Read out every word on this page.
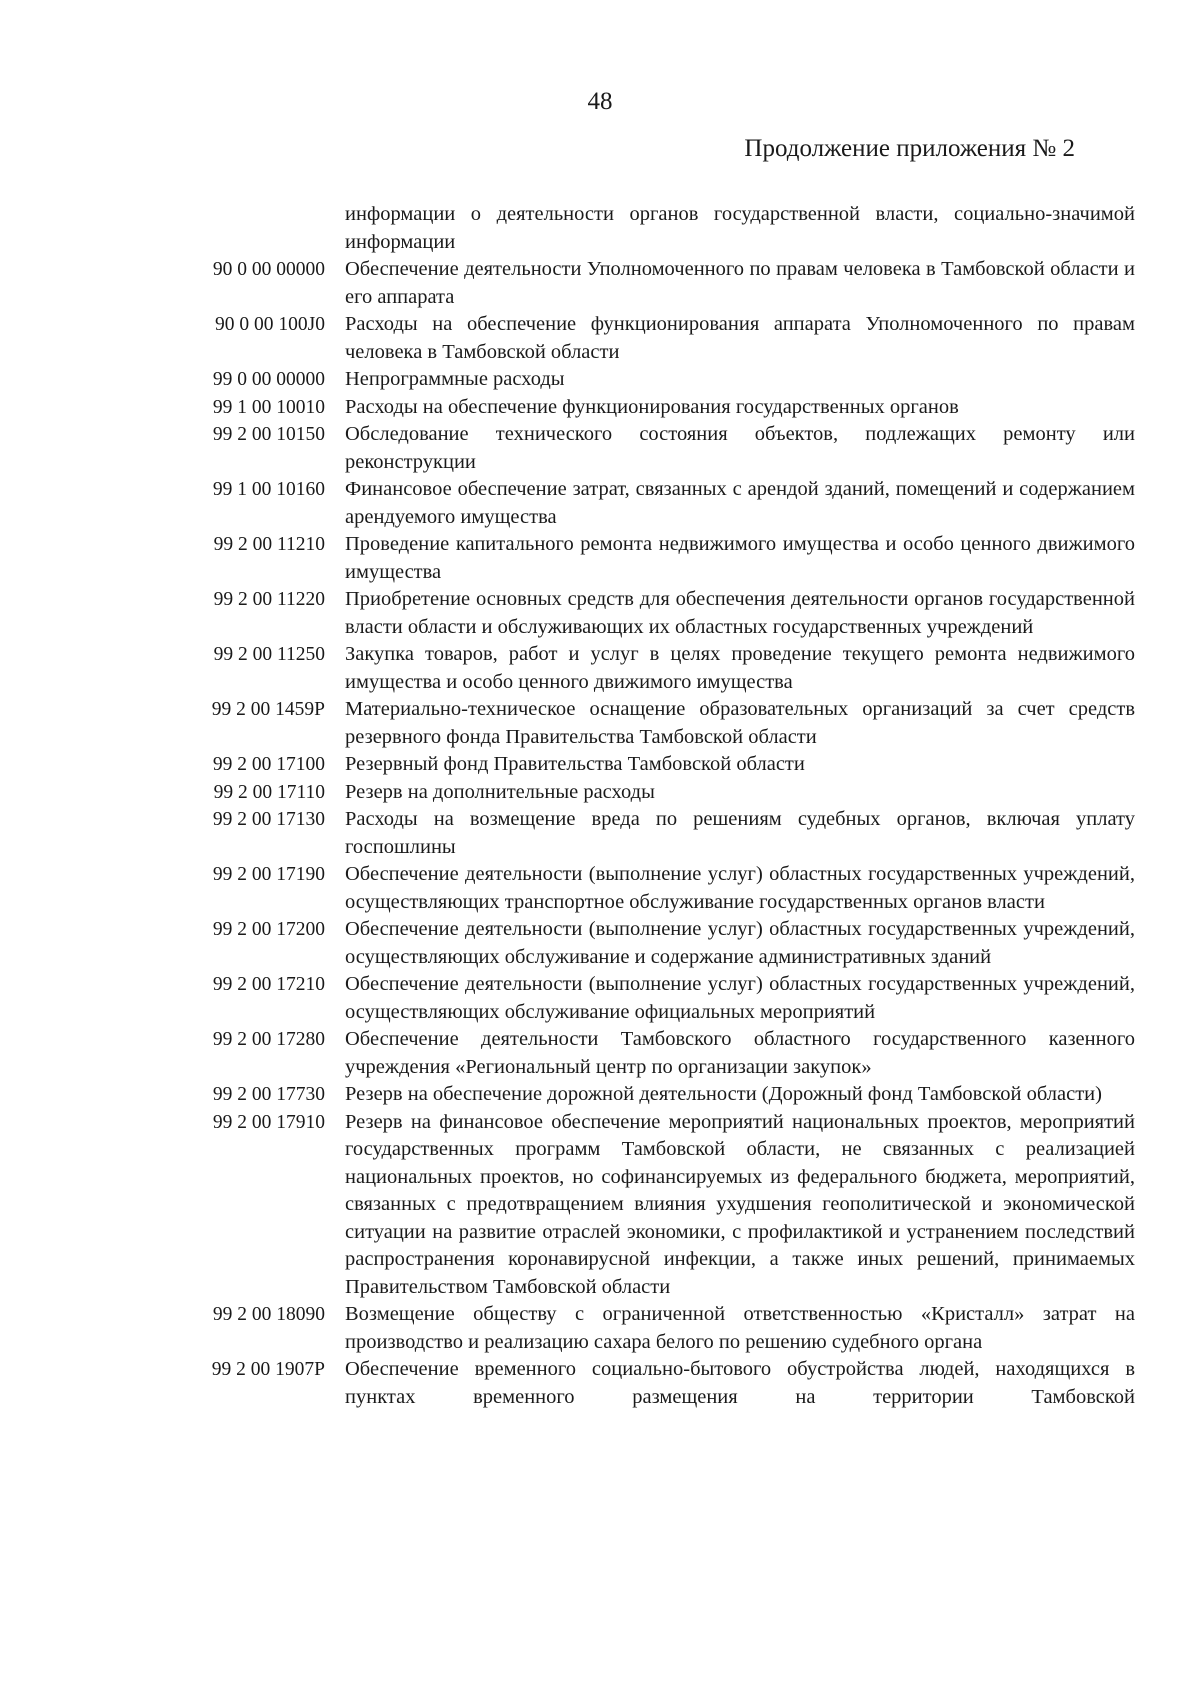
48
Продолжение приложения № 2
информации о деятельности органов государственной власти, социально-значимой информации
90 0 00 00000 Обеспечение деятельности Уполномоченного по правам человека в Тамбовской области и его аппарата
90 0 00 100J0 Расходы на обеспечение функционирования аппарата Уполномоченного по правам человека в Тамбовской области
99 0 00 00000 Непрограммные расходы
99 1 00 10010 Расходы на обеспечение функционирования государственных органов
99 2 00 10150 Обследование технического состояния объектов, подлежащих ремонту или реконструкции
99 1 00 10160 Финансовое обеспечение затрат, связанных с арендой зданий, помещений и содержанием арендуемого имущества
99 2 00 11210 Проведение капитального ремонта недвижимого имущества и особо ценного движимого имущества
99 2 00 11220 Приобретение основных средств для обеспечения деятельности органов государственной власти области и обслуживающих их областных государственных учреждений
99 2 00 11250 Закупка товаров, работ и услуг в целях проведение текущего ремонта недвижимого имущества и особо ценного движимого имущества
99 2 00 1459P Материально-техническое оснащение образовательных организаций за счет средств резервного фонда Правительства Тамбовской области
99 2 00 17100 Резервный фонд Правительства Тамбовской области
99 2 00 17110 Резерв на дополнительные расходы
99 2 00 17130 Расходы на возмещение вреда по решениям судебных органов, включая уплату госпошлины
99 2 00 17190 Обеспечение деятельности (выполнение услуг) областных государственных учреждений, осуществляющих транспортное обслуживание государственных органов власти
99 2 00 17200 Обеспечение деятельности (выполнение услуг) областных государственных учреждений, осуществляющих обслуживание и содержание административных зданий
99 2 00 17210 Обеспечение деятельности (выполнение услуг) областных государственных учреждений, осуществляющих обслуживание официальных мероприятий
99 2 00 17280 Обеспечение деятельности Тамбовского областного государственного казенного учреждения «Региональный центр по организации закупок»
99 2 00 17730 Резерв на обеспечение дорожной деятельности (Дорожный фонд Тамбовской области)
99 2 00 17910 Резерв на финансовое обеспечение мероприятий национальных проектов, мероприятий государственных программ Тамбовской области, не связанных с реализацией национальных проектов, но софинансируемых из федерального бюджета, мероприятий, связанных с предотвращением влияния ухудшения геополитической и экономической ситуации на развитие отраслей экономики, с профилактикой и устранением последствий распространения коронавирусной инфекции, а также иных решений, принимаемых Правительством Тамбовской области
99 2 00 18090 Возмещение обществу с ограниченной ответственностью «Кристалл» затрат на производство и реализацию сахара белого по решению судебного органа
99 2 00 1907P Обеспечение временного социально-бытового обустройства людей, находящихся в пунктах временного размещения на территории Тамбовской
